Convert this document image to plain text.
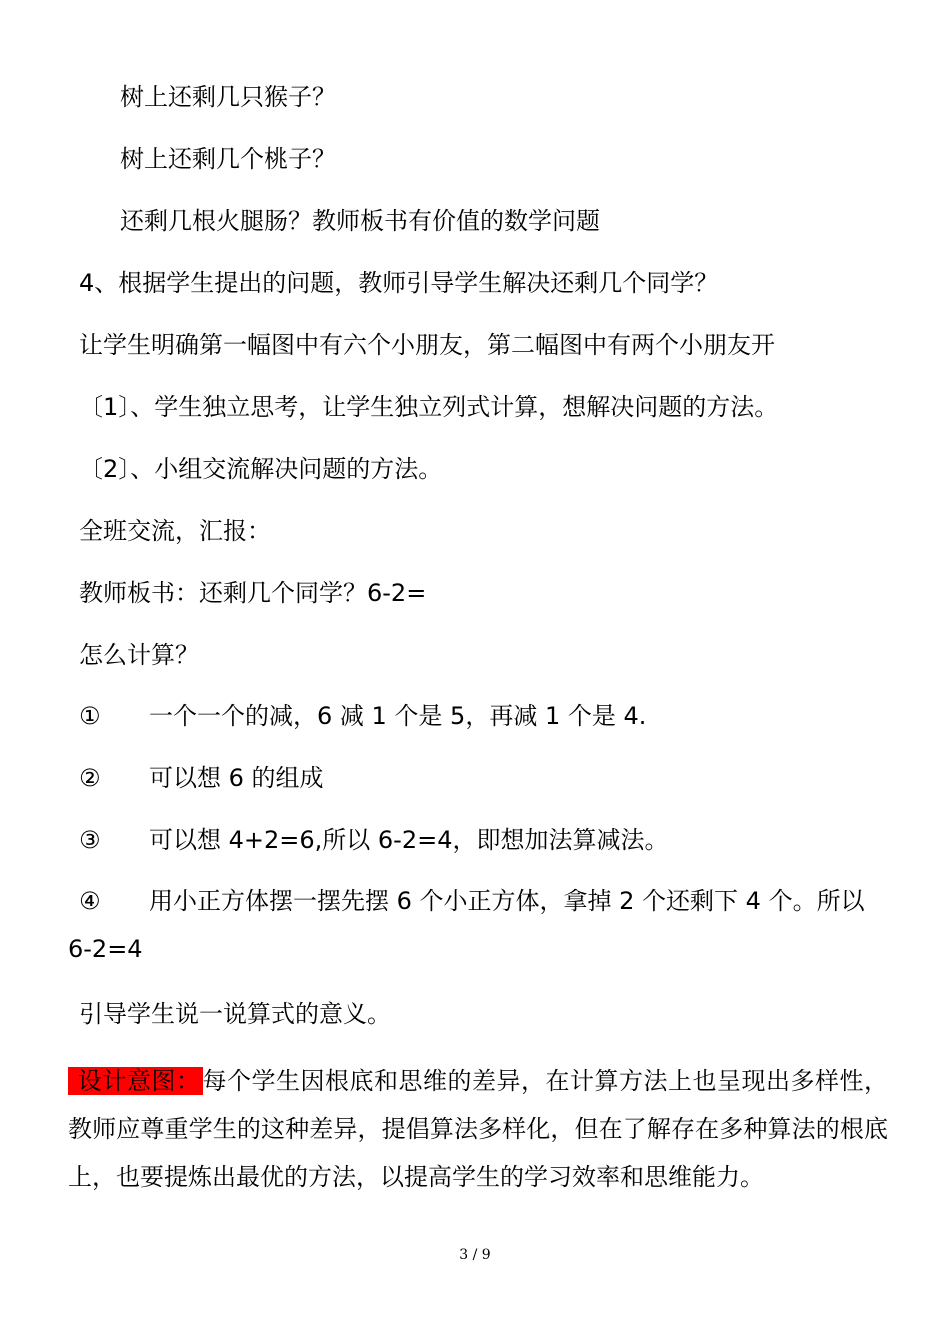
树上还剩几只猴子？
树上还剩几个桃子？
还剩几根火腿肠？教师板书有价值的数学问题
4、根据学生提出的问题，教师引导学生解决还剩几个同学？
让学生明确第一幅图中有六个小朋友，第二幅图中有两个小朋友开
〔1〕、学生独立思考，让学生独立列式计算，想解决问题的方法。
〔2〕、小组交流解决问题的方法。
全班交流，汇报：
教师板书：还剩几个同学？6-2=
怎么计算？
① 一个一个的减，6 减 1 个是 5，再减 1 个是 4.
② 可以想 6 的组成
③ 可以想 4+2=6,所以 6-2=4，即想加法算减法。
④ 用小正方体摆一摆先摆 6 个小正方体，拿掉 2 个还剩下 4 个。所以
6-2=4
引导学生说一说算式的意义。
设计意图：每个学生因根底和思维的差异，在计算方法上也呈现出多样性，教师应尊重学生的这种差异，提倡算法多样化，但在了解存在多种算法的根底上，也要提炼出最优的方法，以提高学生的学习效率和思维能力。
3 / 9
